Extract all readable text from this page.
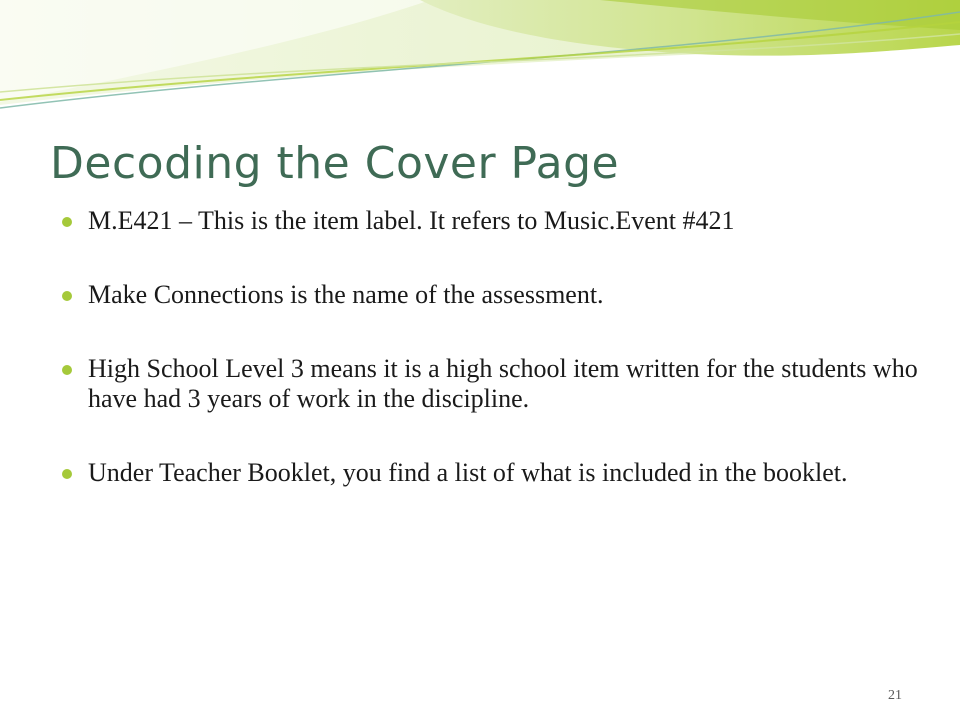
Decoding the Cover Page
M.E421 – This is the item label. It refers to Music.Event #421
Make Connections is the name of the assessment.
High School Level 3 means it is a high school item written for the students who have had 3 years of work in the discipline.
Under Teacher Booklet, you find a list of what is included in the booklet.
21
